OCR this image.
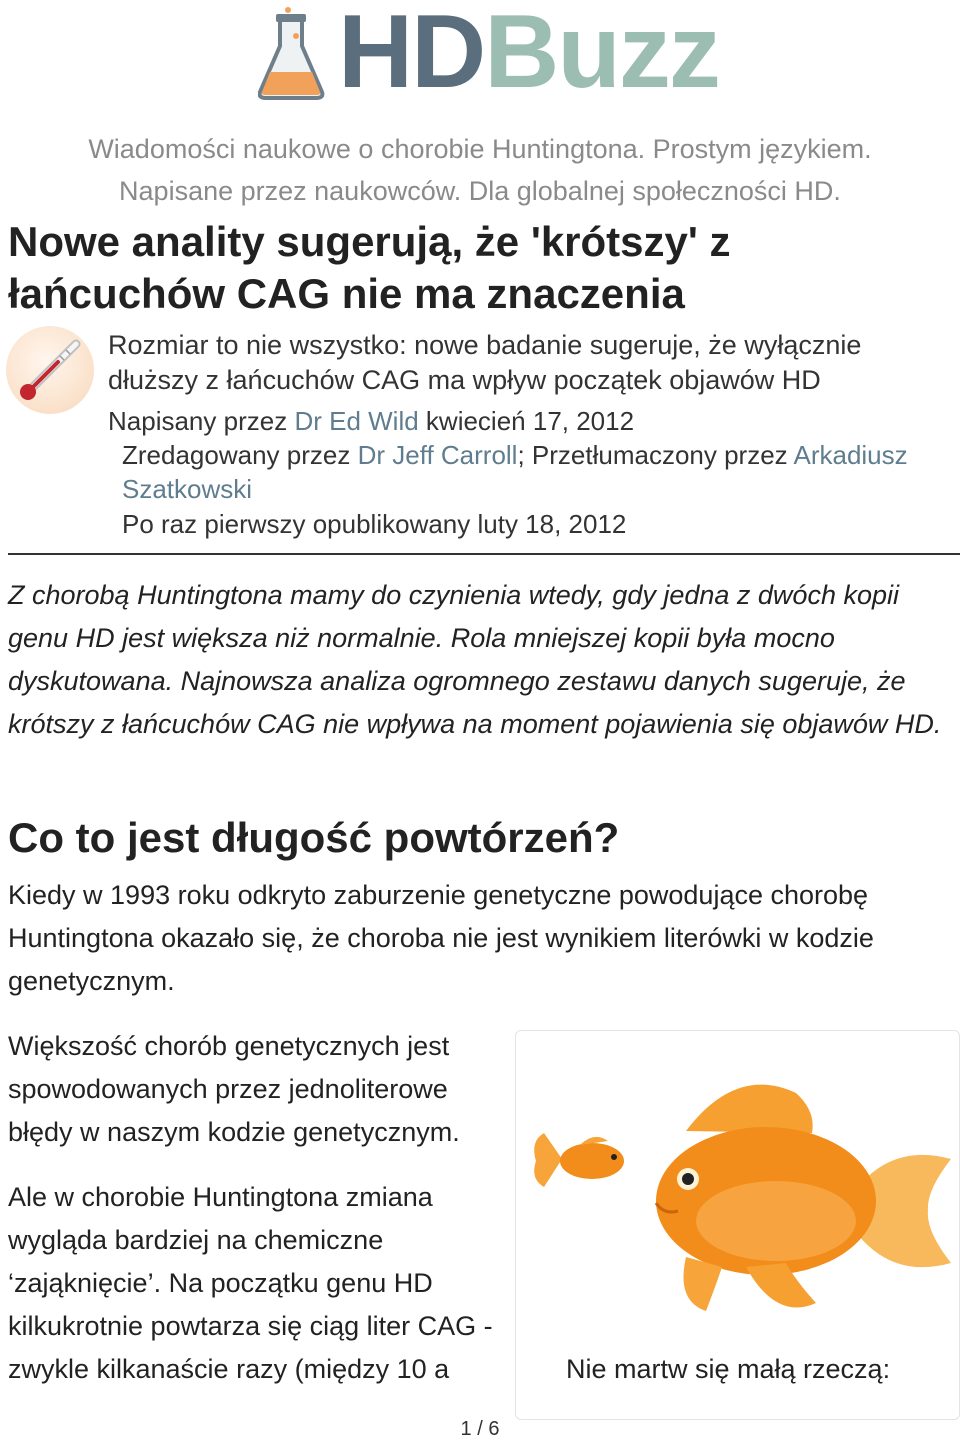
HDBuzz
Wiadomości naukowe o chorobie Huntingtona. Prostym językiem.
Napisane przez naukowców. Dla globalnej społeczności HD.
Nowe anality sugerują, że 'krótszy' z łańcuchów CAG nie ma znaczenia
Rozmiar to nie wszystko: nowe badanie sugeruje, że wyłącznie dłuższy z łańcuchów CAG ma wpływ początek objawów HD
Napisany przez Dr Ed Wild kwiecień 17, 2012
Zredagowany przez Dr Jeff Carroll; Przetłumaczony przez Arkadiusz Szatkowski
Po raz pierwszy opublikowany luty 18, 2012
Z chorobą Huntingtona mamy do czynienia wtedy, gdy jedna z dwóch kopii genu HD jest większa niż normalnie. Rola mniejszej kopii była mocno dyskutowana. Najnowsza analiza ogromnego zestawu danych sugeruje, że krótszy z łańcuchów CAG nie wpływa na moment pojawienia się objawów HD.
Co to jest długość powtórzeń?
Kiedy w 1993 roku odkryto zaburzenie genetyczne powodujące chorobę Huntingtona okazało się, że choroba nie jest wynikiem literówki w kodzie genetycznym.
Większość chorób genetycznych jest spowodowanych przez jednoliterowe błędy w naszym kodzie genetycznym.
Ale w chorobie Huntingtona zmiana wygląda bardziej na chemiczne ‘zająknięcie’. Na początku genu HD kilkukrotnie powtarza się ciąg liter CAG - zwykle kilkanaście razy (między 10 a	Nie martw się małą rzeczą:
1 / 6
